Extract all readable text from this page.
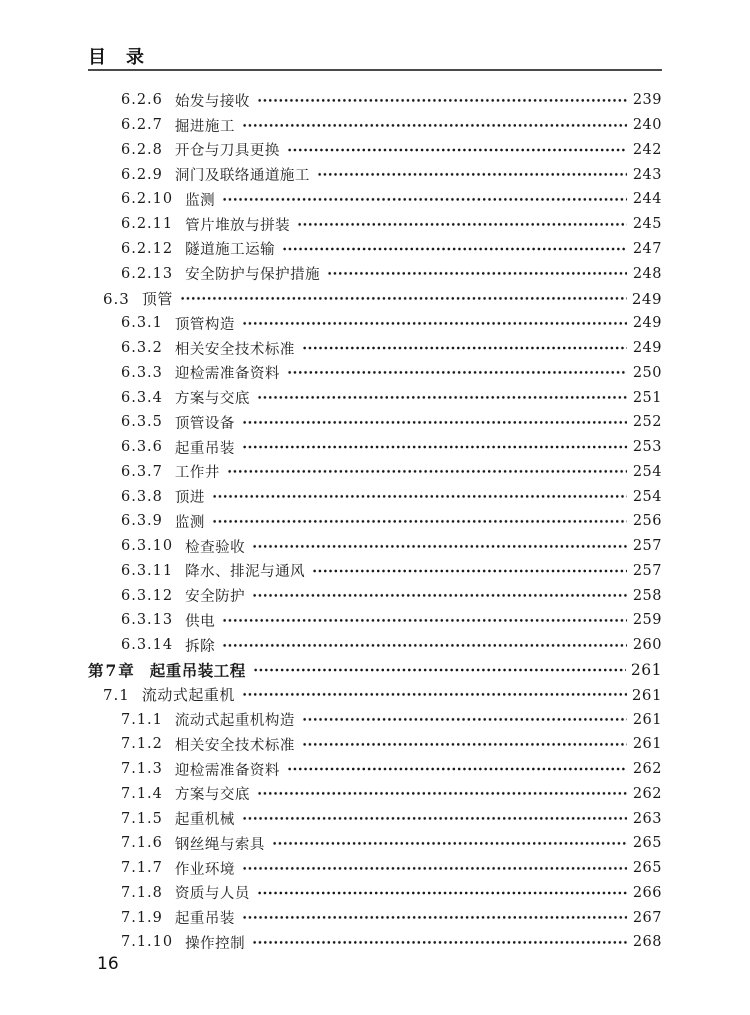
目　录
6.2.6 始发与接收	239
6.2.7 掘进施工	240
6.2.8 开仓与刀具更换	242
6.2.9 洞门及联络通道施工	243
6.2.10 监测	244
6.2.11 管片堆放与拼装	245
6.2.12 隧道施工运输	247
6.2.13 安全防护与保护措施	248
6.3 顶管	249
6.3.1 顶管构造	249
6.3.2 相关安全技术标准	249
6.3.3 迎检需准备资料	250
6.3.4 方案与交底	251
6.3.5 顶管设备	252
6.3.6 起重吊装	253
6.3.7 工作井	254
6.3.8 顶进	254
6.3.9 监测	256
6.3.10 检查验收	257
6.3.11 降水、排泥与通风	257
6.3.12 安全防护	258
6.3.13 供电	259
6.3.14 拆除	260
第7章 起重吊装工程	261
7.1 流动式起重机	261
7.1.1 流动式起重机构造	261
7.1.2 相关安全技术标准	261
7.1.3 迎检需准备资料	262
7.1.4 方案与交底	262
7.1.5 起重机械	263
7.1.6 钢丝绳与索具	265
7.1.7 作业环境	265
7.1.8 资质与人员	266
7.1.9 起重吊装	267
7.1.10 操作控制	268
16
